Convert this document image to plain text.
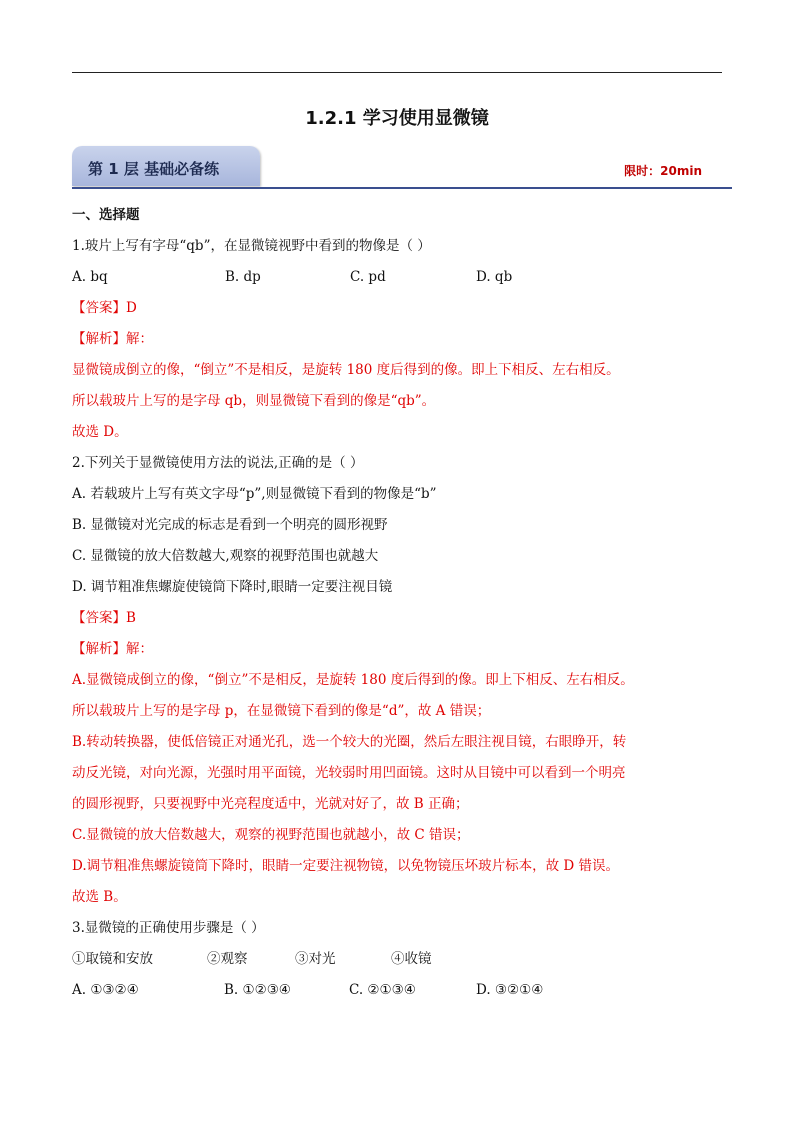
1.2.1 学习使用显微镜
第 1 层 基础必备练	限时：20min
一、选择题
1.玻片上写有字母“qb”，在显微镜视野中看到的物像是（ ）
A. bq	B. dp	C. pd	D. qb
【答案】D
【解析】解：
显微镜成倒立的像，“倒立”不是相反，是旋转 180 度后得到的像。即上下相反、左右相反。
所以载玻片上写的是字母 qb，则显微镜下看到的像是“qb”。
故选 D。
2.下列关于显微镜使用方法的说法,正确的是（ ）
A. 若载玻片上写有英文字母“p”,则显微镜下看到的物像是“b”
B. 显微镜对光完成的标志是看到一个明亮的圆形视野
C. 显微镜的放大倍数越大,观察的视野范围也就越大
D. 调节粗准焦螺旋使镜筒下降时,眼睛一定要注视目镜
【答案】B
【解析】解：
A.显微镜成倒立的像，“倒立”不是相反，是旋转 180 度后得到的像。即上下相反、左右相反。
所以载玻片上写的是字母 p，在显微镜下看到的像是“d”，故 A 错误；
B.转动转换器，使低倍镜正对通光孔，选一个较大的光圈，然后左眼注视目镜，右眼睁开，转
动反光镜，对向光源，光强时用平面镜，光较弱时用凹面镜。这时从目镜中可以看到一个明亮
的圆形视野，只要视野中光亮程度适中，光就对好了，故 B 正确；
C.显微镜的放大倍数越大，观察的视野范围也就越小，故 C 错误；
D.调节粗准焦螺旋镜筒下降时，眼睛一定要注视物镜，以免物镜压坏玻片标本，故 D 错误。
故选 B。
3.显微镜的正确使用步骤是（ ）
①取镜和安放	②观察	③对光	④收镜
A. ①③②④	B. ①②③④	C. ②①③④	D. ③②①④
